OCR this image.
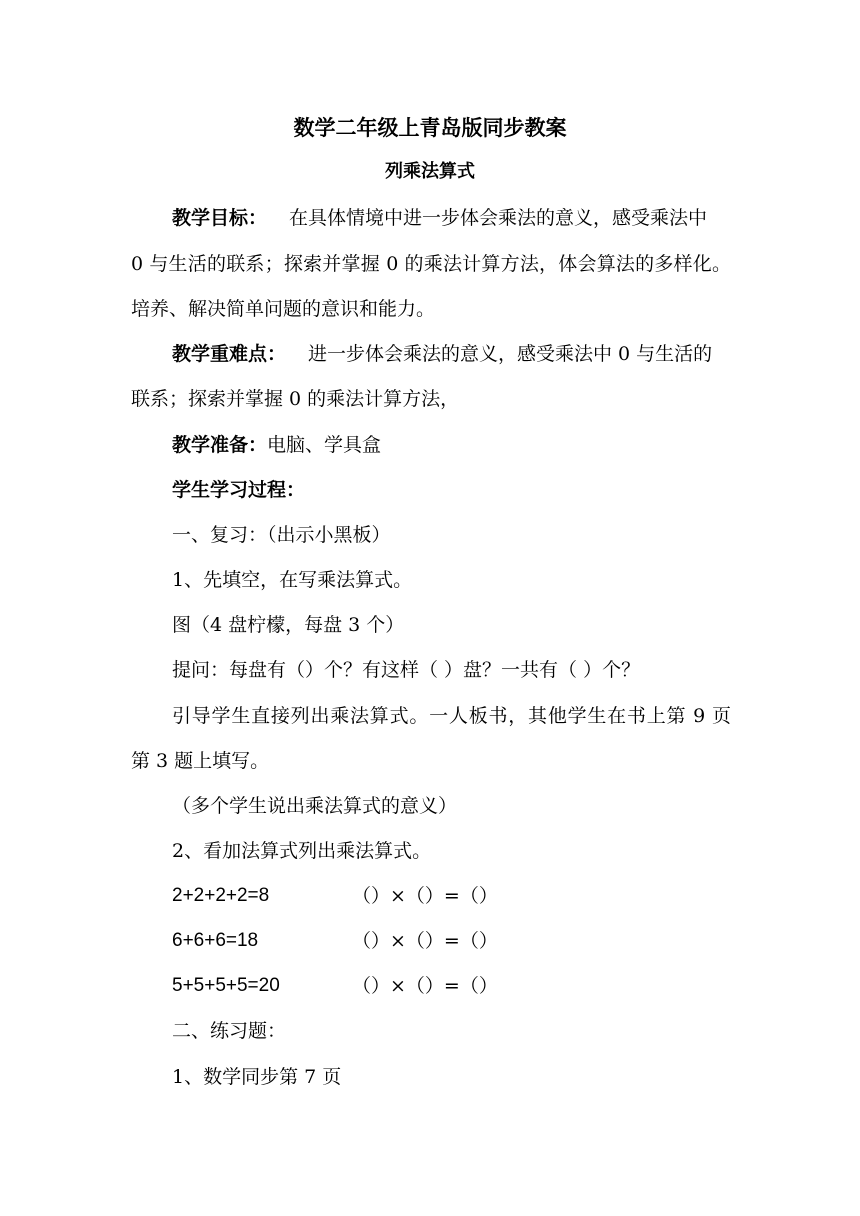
数学二年级上青岛版同步教案
列乘法算式
教学目标： 在具体情境中进一步体会乘法的意义，感受乘法中
0 与生活的联系；探索并掌握 0 的乘法计算方法，体会算法的多样化。
培养、解决简单问题的意识和能力。
教学重难点： 进一步体会乘法的意义，感受乘法中 0 与生活的
联系；探索并掌握 0 的乘法计算方法，
教学准备：电脑、学具盒
学生学习过程：
一、复习：（出示小黑板）
1、先填空，在写乘法算式。
图（4 盘柠檬，每盘 3 个）
提问：每盘有（）个？有这样（ ）盘？一共有（ ）个？
引导学生直接列出乘法算式。一人板书，其他学生在书上第 9 页
第 3 题上填写。
（多个学生说出乘法算式的意义）
2、看加法算式列出乘法算式。
2+2+2+2=8	（）×（）=（）
6+6+6=18	（）×（）=（）
5+5+5+5=20	（）×（）=（）
二、练习题：
1、数学同步第 7 页
